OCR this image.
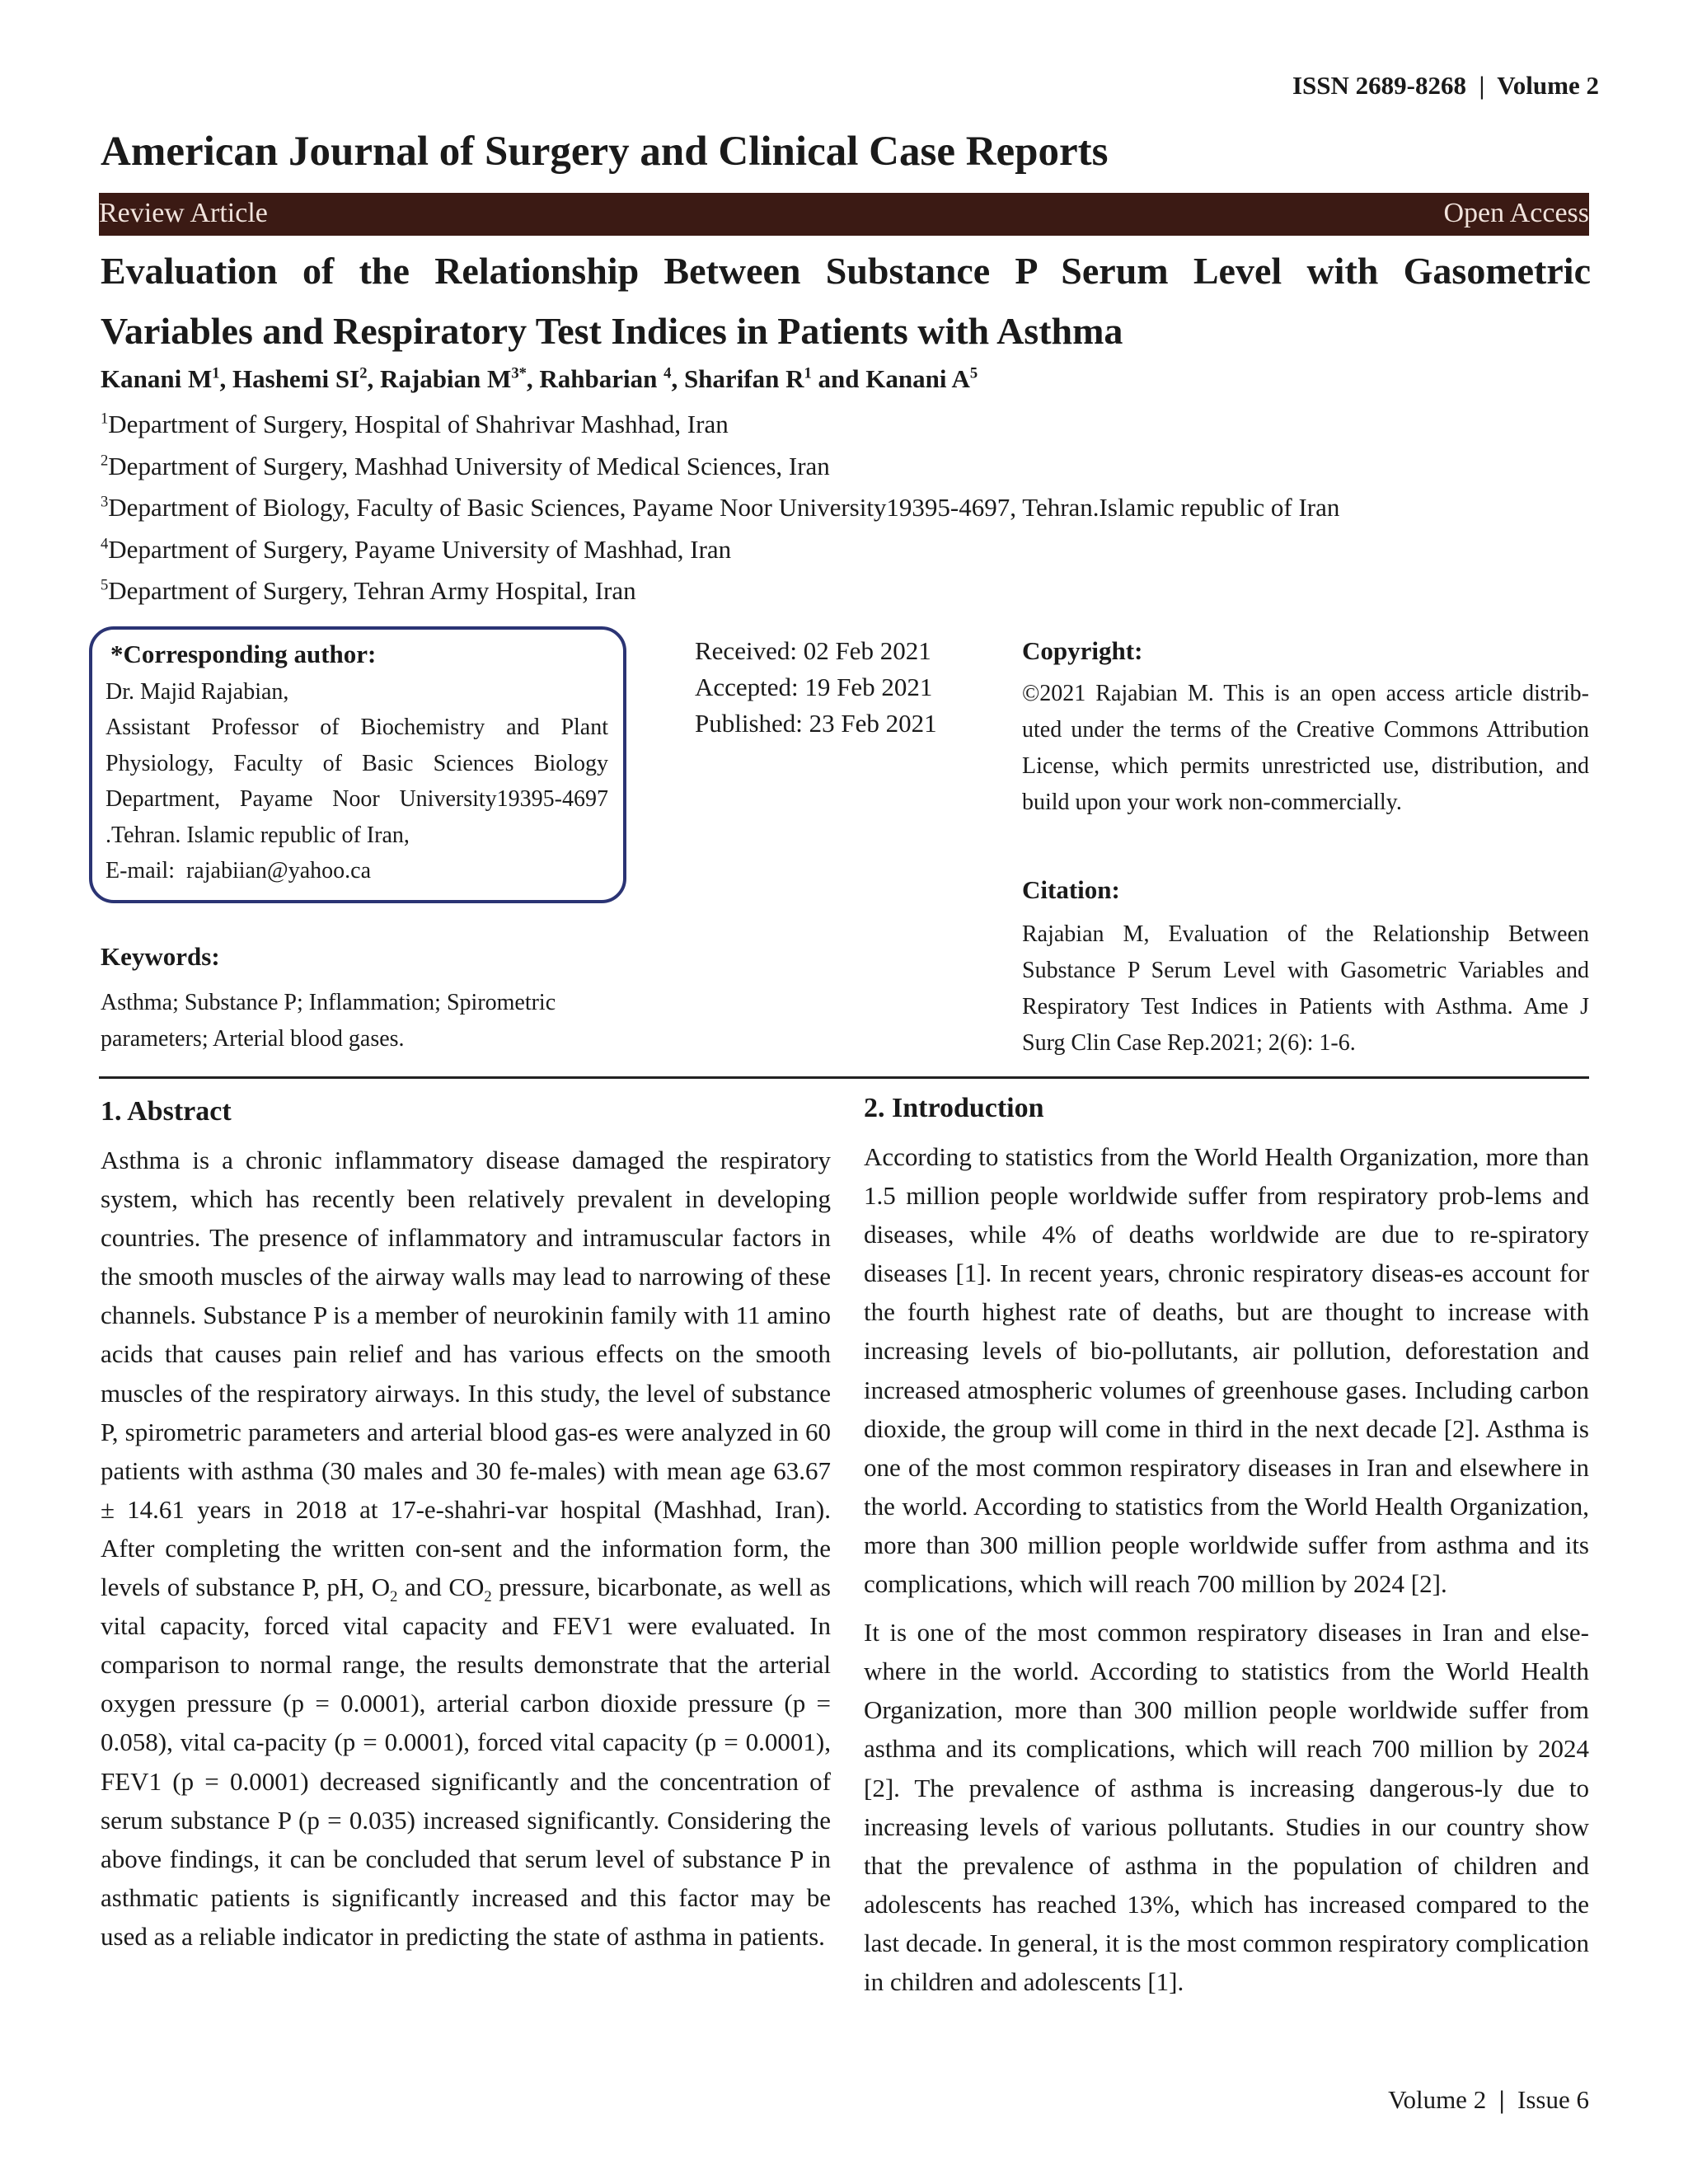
ISSN 2689-8268  |  Volume 2
American Journal of Surgery and Clinical Case Reports
Review Article	Open Access
Evaluation of the Relationship Between Substance P Serum Level with Gasometric
Variables and Respiratory Test Indices in Patients with Asthma
Kanani $M^1$, Hashemi $SI^2$, Rajabian $M^{3*}$, Rahbarian $^4$, Sharifan $R^1$ and Kanani $A^5$
$^1$Department of Surgery, Hospital of Shahrivar Mashhad, Iran
$^2$Department of Surgery, Mashhad University of Medical Sciences, Iran
$^3$Department of Biology, Faculty of Basic Sciences, Payame Noor University19395-4697, Tehran.Islamic republic of Iran
$^4$Department of Surgery, Payame University of Mashhad, Iran
$^5$Department of Surgery, Tehran Army Hospital, Iran
*Corresponding author:
Dr. Majid Rajabian,
Assistant Professor of Biochemistry and Plant Physiology, Faculty of Basic Sciences Biology Department, Payame Noor University19395-4697 .Tehran. Islamic republic of Iran,
E-mail: rajabiian@yahoo.ca
Received: 02 Feb 2021
Accepted: 19 Feb 2021
Published: 23 Feb 2021
Copyright:
©2021 Rajabian M. This is an open access article distrib-uted under the terms of the Creative Commons Attribution License, which permits unrestricted use, distribution, and build upon your work non-commercially.
Citation:
Rajabian M, Evaluation of the Relationship Between Substance P Serum Level with Gasometric Variables and Respiratory Test Indices in Patients with Asthma. Ame J Surg Clin Case Rep.2021; 2(6): 1-6.
Keywords:
Asthma; Substance P; Inflammation; Spirometric parameters; Arterial blood gases.
1. Abstract
Asthma is a chronic inflammatory disease damaged the respiratory system, which has recently been relatively prevalent in developing countries. The presence of inflammatory and intramuscular factors in the smooth muscles of the airway walls may lead to narrowing of these channels. Substance P is a member of neurokinin family with 11 amino acids that causes pain relief and has various effects on the smooth muscles of the respiratory airways. In this study, the level of substance P, spirometric parameters and arterial blood gas-es were analyzed in 60 patients with asthma (30 males and 30 fe-males) with mean age 63.67 ± 14.61 years in 2018 at 17-e-shahri-var hospital (Mashhad, Iran). After completing the written con-sent and the information form, the levels of substance P, pH, $O_2$ and $CO_2$ pressure, bicarbonate, as well as vital capacity, forced vital capacity and FEV1 were evaluated. In comparison to normal range, the results demonstrate that the arterial oxygen pressure (p = 0.0001), arterial carbon dioxide pressure (p = 0.058), vital ca-pacity (p = 0.0001), forced vital capacity (p = 0.0001), FEV1 (p = 0.0001) decreased significantly and the concentration of serum substance P (p = 0.035) increased significantly. Considering the above findings, it can be concluded that serum level of substance P in asthmatic patients is significantly increased and this factor may be used as a reliable indicator in predicting the state of asthma in patients.
2. Introduction

According to statistics from the World Health Organization, more than 1.5 million people worldwide suffer from respiratory prob-lems and diseases, while 4% of deaths worldwide are due to re-spiratory diseases [1]. In recent years, chronic respiratory diseas-es account for the fourth highest rate of deaths, but are thought to increase with increasing levels of bio-pollutants, air pollution, deforestation and increased atmospheric volumes of greenhouse gases. Including carbon dioxide, the group will come in third in the next decade [2]. Asthma is one of the most common respiratory diseases in Iran and elsewhere in the world. According to statistics from the World Health Organization, more than 300 million people worldwide suffer from asthma and its complications, which will reach 700 million by 2024 [2].

It is one of the most common respiratory diseases in Iran and else-where in the world. According to statistics from the World Health Organization, more than 300 million people worldwide suffer from asthma and its complications, which will reach 700 million by 2024 [2]. The prevalence of asthma is increasing dangerous-ly due to increasing levels of various pollutants. Studies in our country show that the prevalence of asthma in the population of children and adolescents has reached 13%, which has increased compared to the last decade. In general, it is the most common respiratory complication in children and adolescents [1].

Volume 2  |  Issue 6
